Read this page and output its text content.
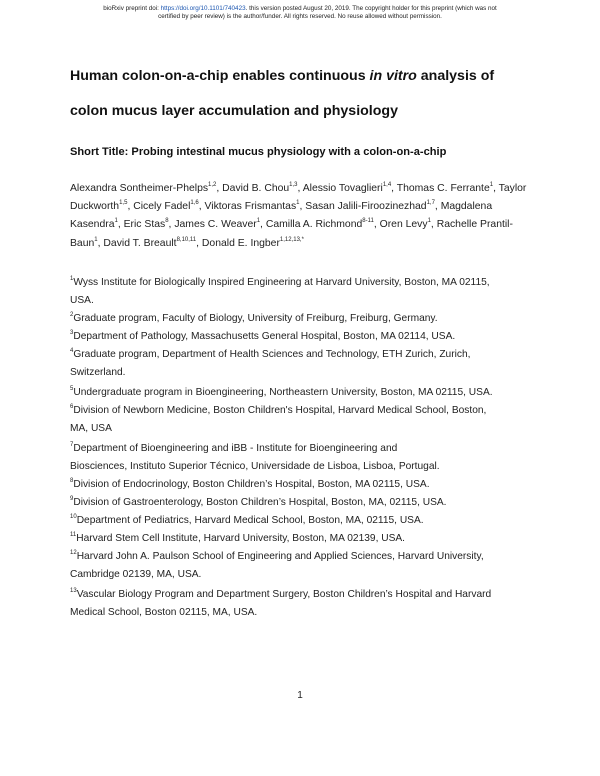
bioRxiv preprint doi: https://doi.org/10.1101/740423. this version posted August 20, 2019. The copyright holder for this preprint (which was not
certified by peer review) is the author/funder. All rights reserved. No reuse allowed without permission.
Human colon-on-a-chip enables continuous in vitro analysis of
colon mucus layer accumulation and physiology
Short Title: Probing intestinal mucus physiology with a colon-on-a-chip
Alexandra Sontheimer-Phelps$^{1,2}$, David B. Chou$^{1,3}$, Alessio Tovaglieri$^{1,4}$, Thomas C. Ferrante$^1$, Taylor Duckworth$^{1,5}$, Cicely Fadel$^{1,6}$, Viktoras Frismantas$^1$, Sasan Jalili-Firoozinezhad$^{1,7}$, Magdalena Kasendra$^1$, Eric Stas$^8$, James C. Weaver$^1$, Camilla A. Richmond$^{8-11}$, Oren Levy$^1$, Rachelle Prantil-Baun$^1$, David T. Breault$^{8,10,11}$, Donald E. Ingber$^{1,12,13,*}$
$^1$Wyss Institute for Biologically Inspired Engineering at Harvard University, Boston, MA 02115,
USA.
$^2$Graduate program, Faculty of Biology, University of Freiburg, Freiburg, Germany.
$^3$Department of Pathology, Massachusetts General Hospital, Boston, MA 02114, USA.
$^4$Graduate program, Department of Health Sciences and Technology, ETH Zurich, Zurich,
Switzerland.
$^5$Undergraduate program in Bioengineering, Northeastern University, Boston, MA 02115, USA.
$^6$Division of Newborn Medicine, Boston Children's Hospital, Harvard Medical School, Boston,
MA, USA
$^7$Department of Bioengineering and iBB - Institute for Bioengineering and
Biosciences, Instituto Superior Técnico, Universidade de Lisboa, Lisboa, Portugal.
$^8$Division of Endocrinology, Boston Children’s Hospital, Boston, MA 02115, USA.
$^9$Division of Gastroenterology, Boston Children’s Hospital, Boston, MA, 02115, USA.
$^{10}$Department of Pediatrics, Harvard Medical School, Boston, MA, 02115, USA.
$^{11}$Harvard Stem Cell Institute, Harvard University, Boston, MA 02139, USA.
$^{12}$Harvard John A. Paulson School of Engineering and Applied Sciences, Harvard University,
Cambridge 02139, MA, USA.
$^{13}$Vascular Biology Program and Department Surgery, Boston Children’s Hospital and Harvard
Medical School, Boston 02115, MA, USA.
1
